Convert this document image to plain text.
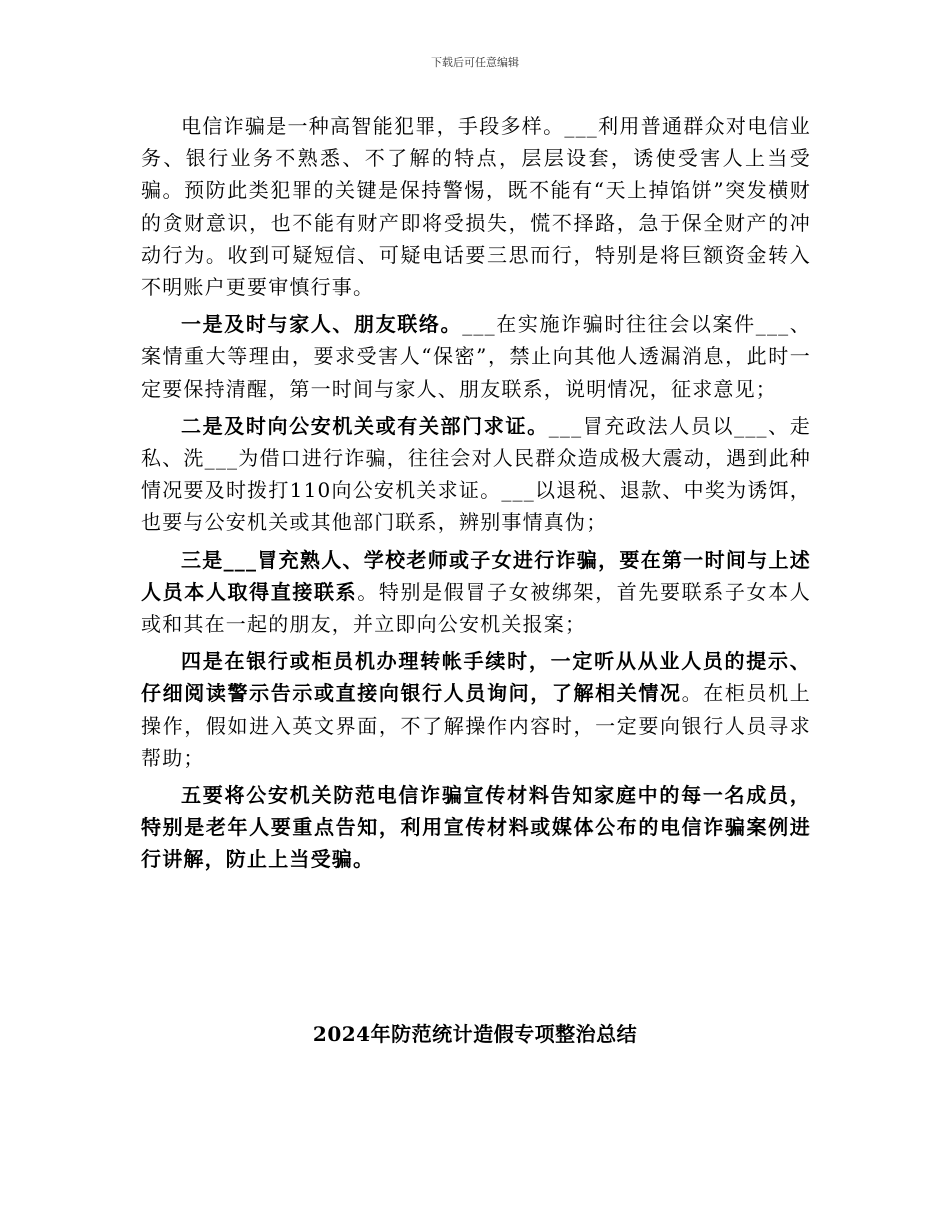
下载后可任意编辑

电信诈骗是一种高智能犯罪，手段多样。___利用普通群众对电信业务、银行业务不熟悉、不了解的特点，层层设套，诱使受害人上当受骗。预防此类犯罪的关键是保持警惕，既不能有“天上掉馅饼”突发横财的贪财意识，也不能有财产即将受损失，慌不择路，急于保全财产的冲动行为。收到可疑短信、可疑电话要三思而行，特别是将巨额资金转入不明账户更要审慎行事。

一是及时与家人、朋友联络。___在实施诈骗时往往会以案件___、案情重大等理由，要求受害人“保密”，禁止向其他人透漏消息，此时一定要保持清醒，第一时间与家人、朋友联系，说明情况，征求意见；

二是及时向公安机关或有关部门求证。___冒充政法人员以___、走私、洗___为借口进行诈骗，往往会对人民群众造成极大震动，遇到此种情况要及时拨打110向公安机关求证。___以退税、退款、中奖为诱饵，也要与公安机关或其他部门联系，辨别事情真伪；

三是___冒充熟人、学校老师或子女进行诈骗，要在第一时间与上述人员本人取得直接联系。特别是假冒子女被绑架，首先要联系子女本人或和其在一起的朋友，并立即向公安机关报案；

四是在银行或柜员机办理转帐手续时，一定听从从业人员的提示、仔细阅读警示告示或直接向银行人员询问，了解相关情况。在柜员机上操作，假如进入英文界面，不了解操作内容时，一定要向银行人员寻求帮助；

五要将公安机关防范电信诈骗宣传材料告知家庭中的每一名成员，特别是老年人要重点告知，利用宣传材料或媒体公布的电信诈骗案例进行讲解，防止上当受骗。

2024年防范统计造假专项整治总结
